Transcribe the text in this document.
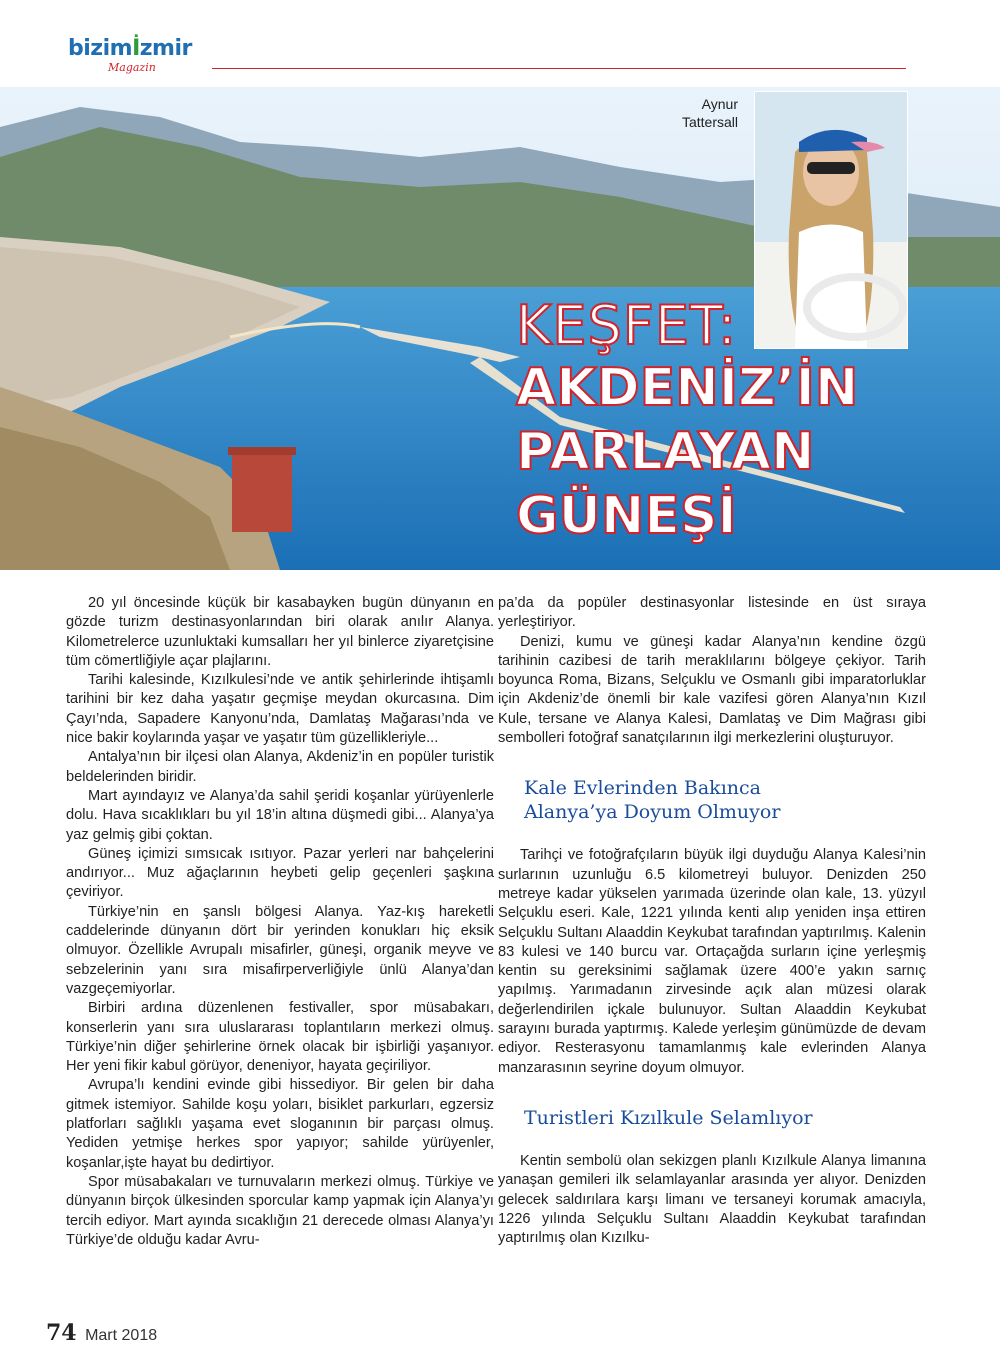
bizimİzmir
Magazin
Aynur
Tattersall
KEŞFET:
AKDENİZ’İN
PARLAYAN
GÜNEŞİ

20 yıl öncesinde küçük bir kasabayken bugün dünyanın en gözde turizm destinasyonlarından biri olarak anılır Alanya. Kilometrelerce uzunluktaki kumsalları her yıl binlerce ziyaretçisine tüm cömertliğiyle açar plajlarını.

Tarihi kalesinde, Kızılkulesi’nde ve antik şehirlerinde ihtişamlı tarihini bir kez daha yaşatır geçmişe meydan okurcasına. Dim Çayı’nda, Sapadere Kanyonu’nda, Damlataş Mağarası’nda ve nice bakir koylarında yaşar ve yaşatır tüm güzellikleriyle...

Antalya’nın bir ilçesi olan Alanya, Akdeniz’in en popüler turistik beldelerinden biridir.

Mart ayındayız ve Alanya’da sahil şeridi koşanlar yürüyenlerle dolu. Hava sıcaklıkları bu yıl 18’in altına düşmedi gibi... Alanya’ya yaz gelmiş gibi çoktan.

Güneş içimizi sımsıcak ısıtıyor. Pazar yerleri nar bahçelerini andırıyor... Muz ağaçlarının heybeti gelip geçenleri şaşkına çeviriyor.

Türkiye’nin en şanslı bölgesi Alanya. Yaz-kış hareketli caddelerinde dünyanın dört bir yerinden konukları hiç eksik olmuyor. Özellikle Avrupalı misafirler, güneşi, organik meyve ve sebzelerinin yanı sıra misafirperverliğiyle ünlü Alanya’dan vazgeçemiyorlar.

Birbiri ardına düzenlenen festivaller, spor müsabakarı, konserlerin yanı sıra uluslararası toplantıların merkezi olmuş. Türkiye’nin diğer şehirlerine örnek olacak bir işbirliği yaşanıyor. Her yeni fikir kabul görüyor, deneniyor, hayata geçiriliyor.

Avrupa’lı kendini evinde gibi hissediyor. Bir gelen bir daha gitmek istemiyor. Sahilde koşu yoları, bisiklet parkurları, egzersiz platforları sağlıklı yaşama evet sloganının bir parçası olmuş. Yediden yetmişe herkes spor yapıyor; sahilde yürüyenler, koşanlar,işte hayat bu dedirtiyor.

Spor müsabakaları ve turnuvaların merkezi olmuş. Türkiye ve dünyanın birçok ülkesinden sporcular kamp yapmak için Alanya’yı tercih ediyor. Mart ayında sıcaklığın 21 derecede olması Alanya’yı Türkiye’de olduğu kadar Avru-

pa’da da popüler destinasyonlar listesinde en üst sıraya yerleştiriyor.

Denizi, kumu ve güneşi kadar Alanya’nın kendine özgü tarihinin cazibesi de tarih meraklılarını bölgeye çekiyor. Tarih boyunca Roma, Bizans, Selçuklu ve Osmanlı gibi imparatorluklar için Akdeniz’de önemli bir kale vazifesi gören Alanya’nın Kızıl Kule, tersane ve Alanya Kalesi, Damlataş ve Dim Mağrası gibi sembolleri fotoğraf sanatçılarının ilgi merkezlerini oluşturuyor.

Kale Evlerinden Bakınca
Alanya’ya Doyum Olmuyor

Tarihçi ve fotoğrafçıların büyük ilgi duyduğu Alanya Kalesi’nin surlarının uzunluğu 6.5 kilometreyi buluyor. Denizden 250 metreye kadar yükselen yarımada üzerinde olan kale, 13. yüzyıl Selçuklu eseri. Kale, 1221 yılında kenti alıp yeniden inşa ettiren Selçuklu Sultanı Alaaddin Keykubat tarafından yaptırılmış. Kalenin 83 kulesi ve 140 burcu var. Ortaçağda surların içine yerleşmiş kentin su gereksinimi sağlamak üzere 400’e yakın sarnıç yapılmış. Yarımadanın zirvesinde açık alan müzesi olarak değerlendirilen içkale bulunuyor. Sultan Alaaddin Keykubat sarayını burada yaptırmış. Kalede yerleşim günümüzde de devam ediyor. Resterasyonu tamamlanmış kale evlerinden Alanya manzarasının seyrine doyum olmuyor.

Turistleri Kızılkule Selamlıyor

Kentin sembolü olan sekizgen planlı Kızılkule Alanya limanına yanaşan gemileri ilk selamlayanlar arasında yer alıyor. Denizden gelecek saldırılara karşı limanı ve tersaneyi korumak amacıyla, 1226 yılında Selçuklu Sultanı Alaaddin Keykubat tarafından yaptırılmış olan Kızılku-

74 Mart 2018
